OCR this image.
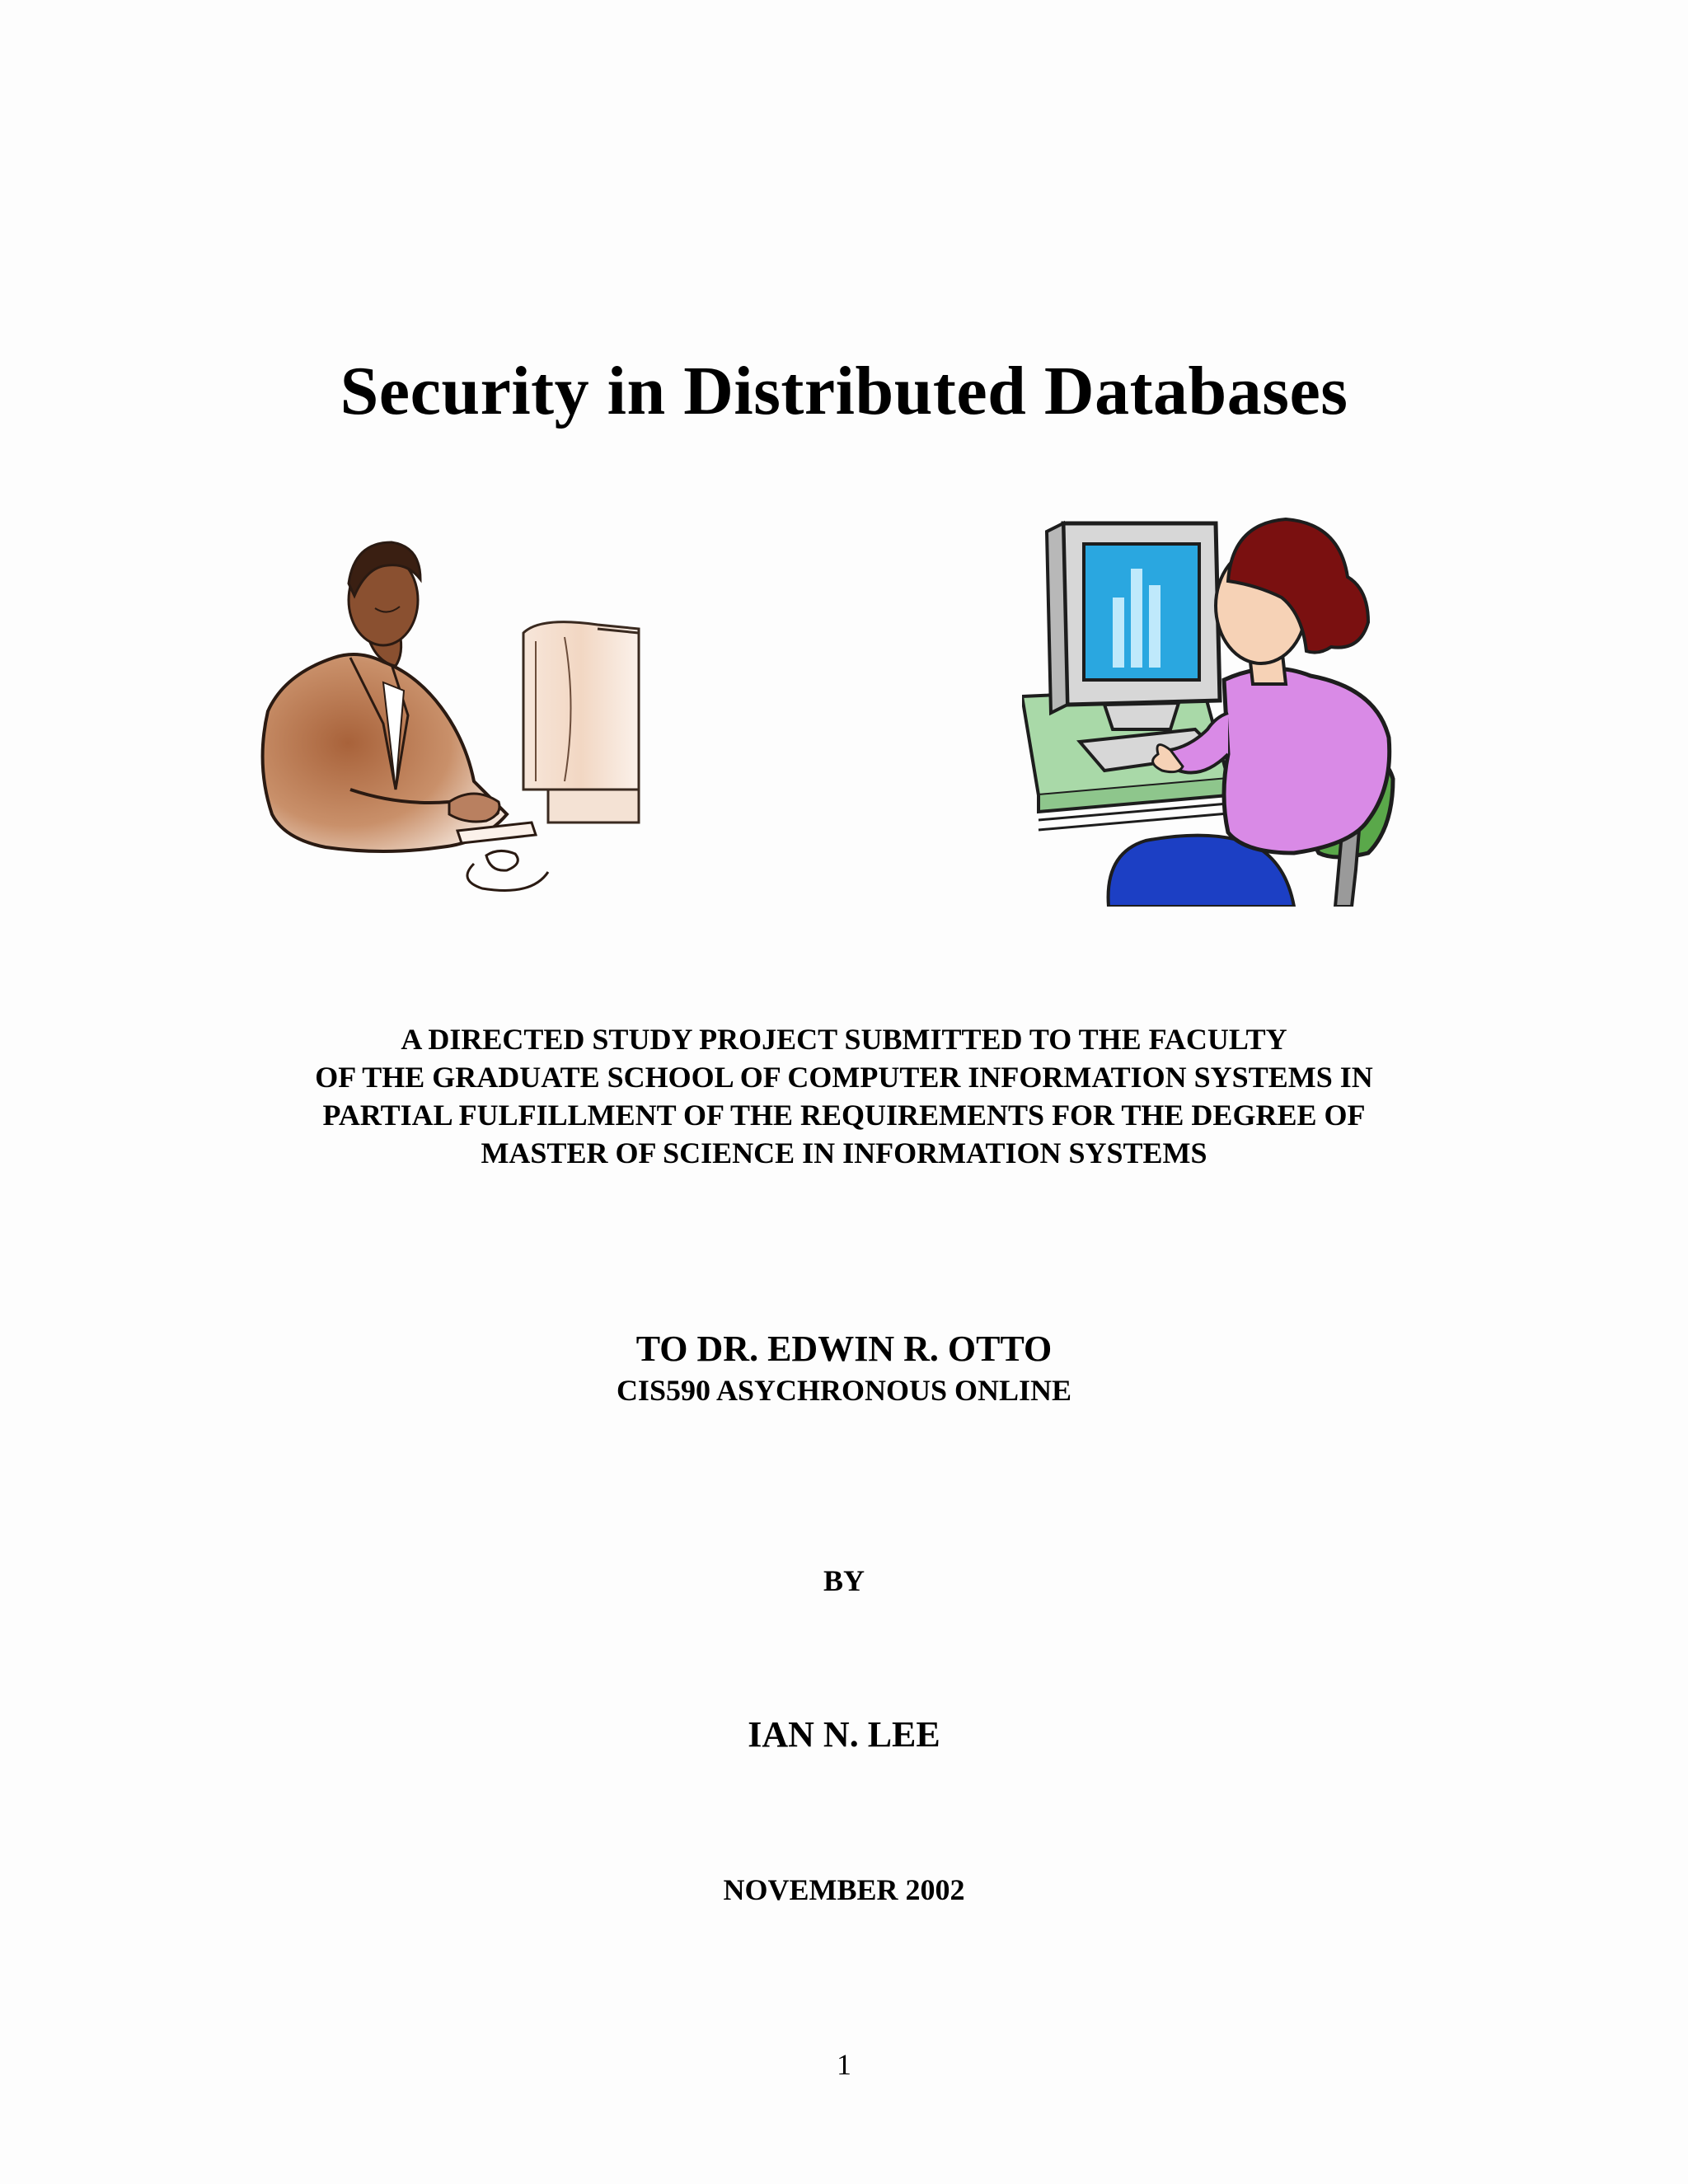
Security in Distributed Databases
A DIRECTED STUDY PROJECT SUBMITTED TO THE FACULTY
OF THE GRADUATE SCHOOL OF COMPUTER INFORMATION SYSTEMS IN
PARTIAL FULFILLMENT OF THE REQUIREMENTS FOR THE DEGREE OF
MASTER OF SCIENCE IN INFORMATION SYSTEMS
TO DR. EDWIN R. OTTO
CIS590 ASYCHRONOUS ONLINE
BY
IAN N. LEE
NOVEMBER 2002
1
